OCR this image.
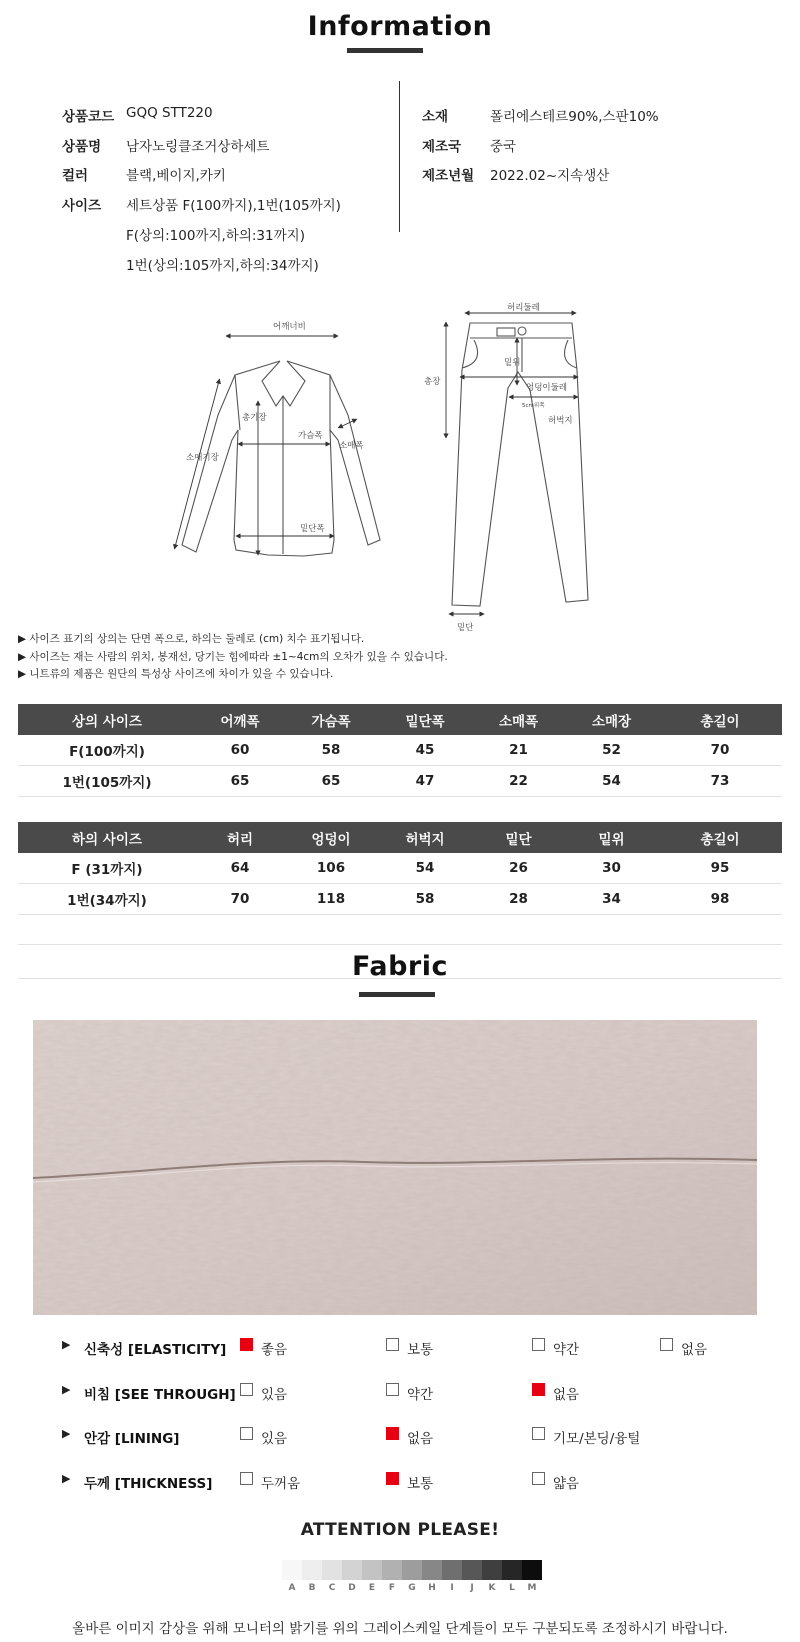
Information
상품코드 GQQ STT220
상품명 남자노링클조거상하세트
컬러	블랙,베이지,카키
사이즈 세트상품 F(100까지),1번(105까지)
F(상의:100까지,하의:31까지)
1번(상의:105까지,하의:34까지)
소재	폴리에스테르90%,스판10%
제조국 중국
제조년월 2022.02~지속생산
어깨너비
총기장
가슴폭
소매기장
소매폭
밑단폭
허리둘레
밑위
총장
엉덩이둘레
5cm위쪽
허벅지
밑단
▶ 사이즈 표기의 상의는 단면 폭으로, 하의는 둘레로 (cm) 치수 표기됩니다.
▶ 사이즈는 재는 사람의 위치, 봉재선, 당기는 힘에따라 ±1~4cm의 오차가 있을 수 있습니다.
▶ 니트류의 제품은 원단의 특성상 사이즈에 차이가 있을 수 있습니다.
상의 사이즈	어깨폭	가슴폭	밑단폭	소매폭	소매장	총길이
F(100까지)	60	58	45	21	52	70
1번(105까지)	65	65	47	22	54	73
하의 사이즈	허리	엉덩이	허벅지	밑단	밑위	총길이
F (31까지)	64	106	54	26	30	95
1번(34까지)	70	118	58	28	34	98
Fabric
▶ 신축성 [ELASTICITY]	좋음	보통	약간	없음
▶ 비침 [SEE THROUGH] 있음	약간	없음
▶ 안감 [LINING]	있음	없음	기모/본딩/융털
▶ 두께 [THICKNESS]	두꺼움	보통	얇음
ATTENTION PLEASE!
A	B	C	D	E	F	G	H	I	J	K	L	M
올바른 이미지 감상을 위해 모니터의 밝기를 위의 그레이스케일 단계들이 모두 구분되도록 조정하시기 바랍니다.
